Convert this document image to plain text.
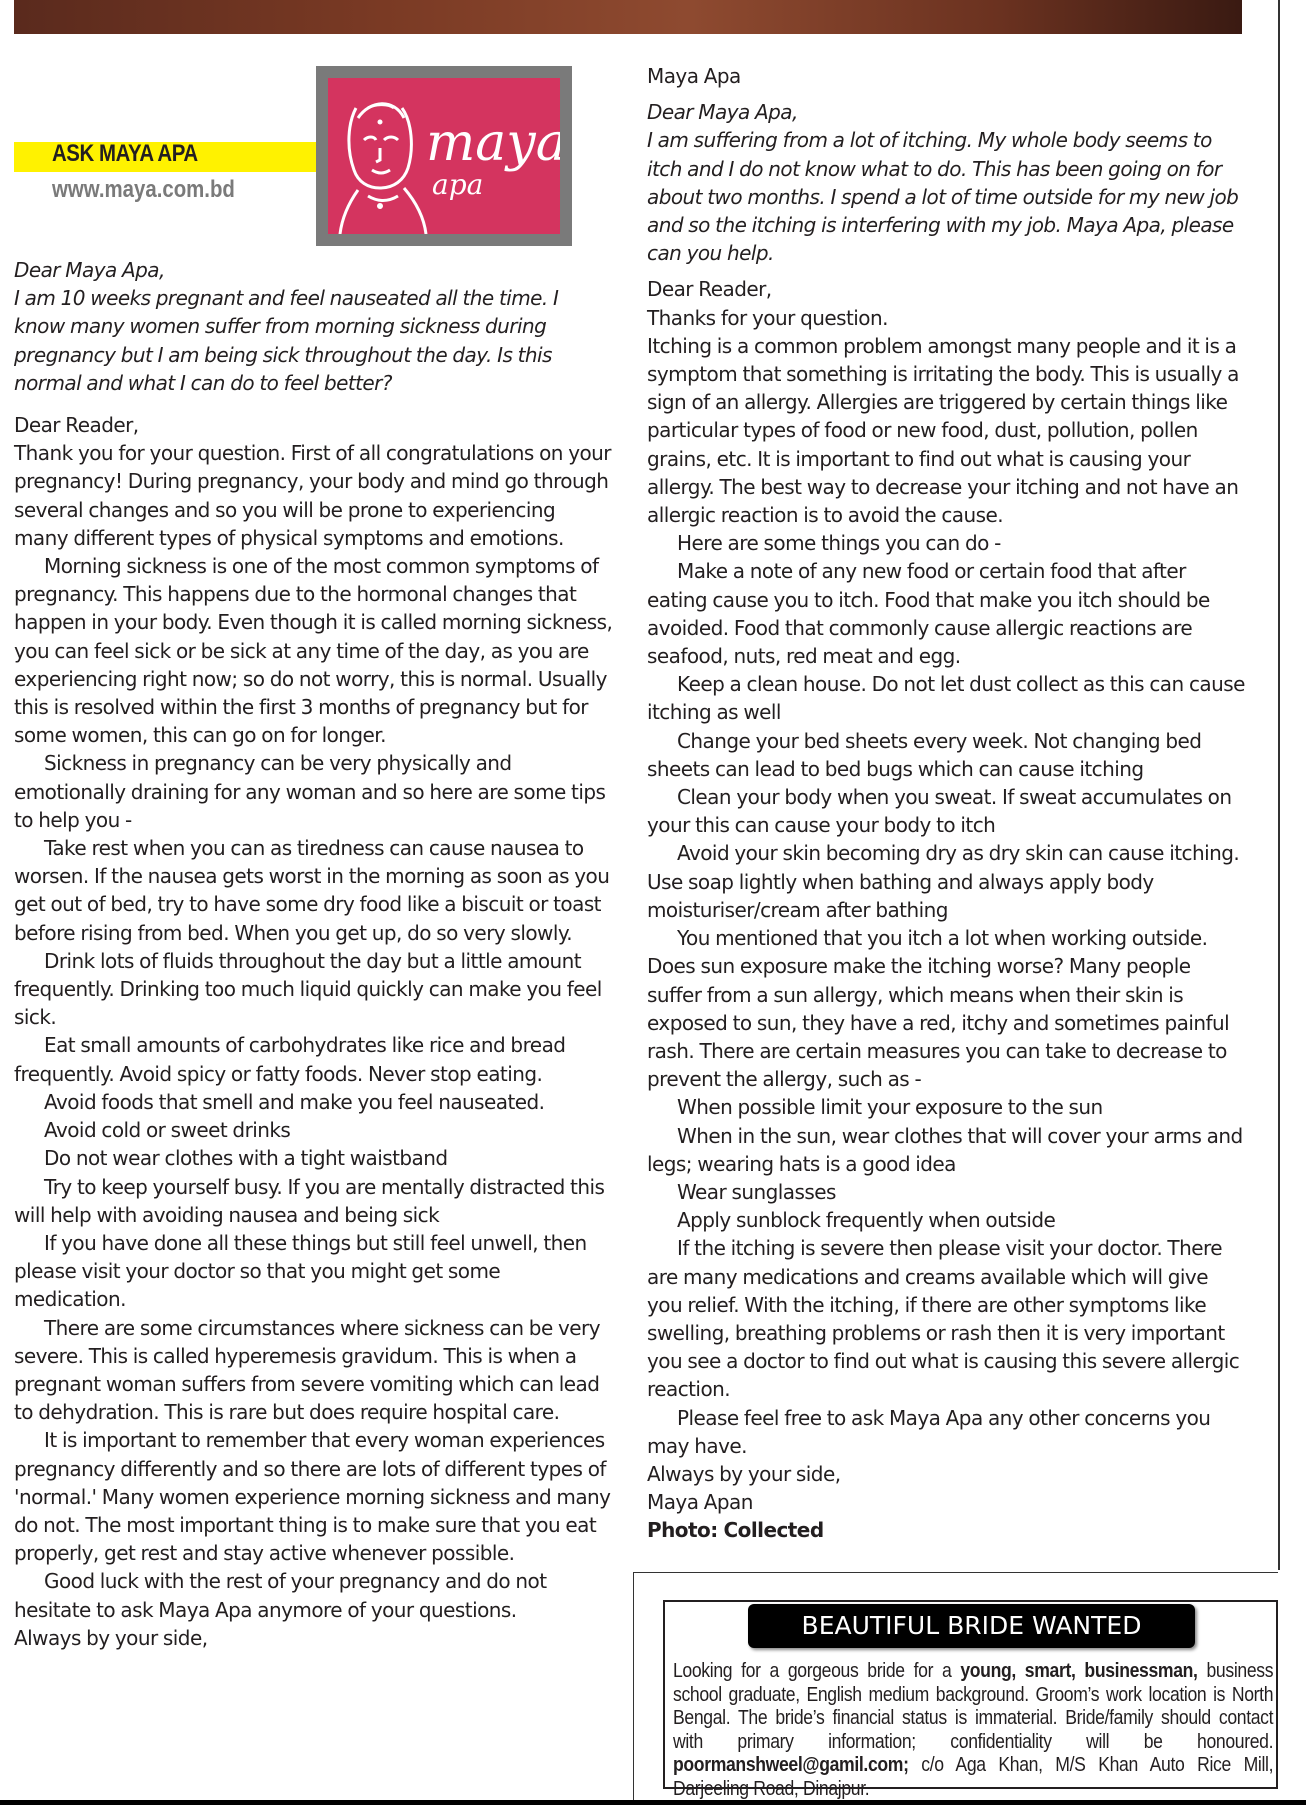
ASK MAYA APA
www.maya.com.bd
maya
apa

Dear Maya Apa,

I am 10 weeks pregnant and feel nauseated all the time. I know many women suffer from morning sickness during pregnancy but I am being sick throughout the day. Is this normal and what I can do to feel better?

Dear Reader,

Thank you for your question. First of all congratulations on your pregnancy! During pregnancy, your body and mind go through several changes and so you will be prone to experiencing many different types of physical symptoms and emotions.

Morning sickness is one of the most common symptoms of pregnancy. This happens due to the hormonal changes that happen in your body. Even though it is called morning sickness, you can feel sick or be sick at any time of the day, as you are experiencing right now; so do not worry, this is normal. Usually this is resolved within the first 3 months of pregnancy but for some women, this can go on for longer.

Sickness in pregnancy can be very physically and emotionally draining for any woman and so here are some tips to help you -

Take rest when you can as tiredness can cause nausea to worsen. If the nausea gets worst in the morning as soon as you get out of bed, try to have some dry food like a biscuit or toast before rising from bed. When you get up, do so very slowly.

Drink lots of fluids throughout the day but a little amount frequently. Drinking too much liquid quickly can make you feel sick.

Eat small amounts of carbohydrates like rice and bread frequently. Avoid spicy or fatty foods. Never stop eating.

Avoid foods that smell and make you feel nauseated.

Avoid cold or sweet drinks

Do not wear clothes with a tight waistband

Try to keep yourself busy. If you are mentally distracted this will help with avoiding nausea and being sick

If you have done all these things but still feel unwell, then please visit your doctor so that you might get some medication.

There are some circumstances where sickness can be very severe. This is called hyperemesis gravidum. This is when a pregnant woman suffers from severe vomiting which can lead to dehydration. This is rare but does require hospital care.

It is important to remember that every woman experiences pregnancy differently and so there are lots of different types of 'normal.' Many women experience morning sickness and many do not. The most important thing is to make sure that you eat properly, get rest and stay active whenever possible.

Good luck with the rest of your pregnancy and do not hesitate to ask Maya Apa anymore of your questions.

Always by your side,

Maya Apa

Dear Maya Apa,

I am suffering from a lot of itching. My whole body seems to itch and I do not know what to do. This has been going on for about two months. I spend a lot of time outside for my new job and so the itching is interfering with my job. Maya Apa, please can you help.

Dear Reader,

Thanks for your question.

Itching is a common problem amongst many people and it is a symptom that something is irritating the body. This is usually a sign of an allergy. Allergies are triggered by certain things like particular types of food or new food, dust, pollution, pollen grains, etc. It is important to find out what is causing your allergy. The best way to decrease your itching and not have an allergic reaction is to avoid the cause.

Here are some things you can do -

Make a note of any new food or certain food that after eating cause you to itch. Food that make you itch should be avoided. Food that commonly cause allergic reactions are seafood, nuts, red meat and egg.

Keep a clean house. Do not let dust collect as this can cause itching as well

Change your bed sheets every week. Not changing bed sheets can lead to bed bugs which can cause itching

Clean your body when you sweat. If sweat accumulates on your this can cause your body to itch

Avoid your skin becoming dry as dry skin can cause itching. Use soap lightly when bathing and always apply body moisturiser/cream after bathing

You mentioned that you itch a lot when working outside. Does sun exposure make the itching worse? Many people suffer from a sun allergy, which means when their skin is exposed to sun, they have a red, itchy and sometimes painful rash. There are certain measures you can take to decrease to prevent the allergy, such as -

When possible limit your exposure to the sun

When in the sun, wear clothes that will cover your arms and legs; wearing hats is a good idea

Wear sunglasses

Apply sunblock frequently when outside

If the itching is severe then please visit your doctor. There are many medications and creams available which will give you relief. With the itching, if there are other symptoms like swelling, breathing problems or rash then it is very important you see a doctor to find out what is causing this severe allergic reaction.

Please feel free to ask Maya Apa any other concerns you may have.

Always by your side,

Maya Apan

Photo: Collected

BEAUTIFUL BRIDE WANTED
Looking for a gorgeous bride for a young, smart, businessman, business school graduate, English medium background. Groom’s work location is North Bengal. The bride’s financial status is immaterial. Bride/family should contact with primary information; confidentiality will be honoured. poormanshweel@gamil.com; c/o Aga Khan, M/S Khan Auto Rice Mill, Darjeeling Road, Dinajpur.
